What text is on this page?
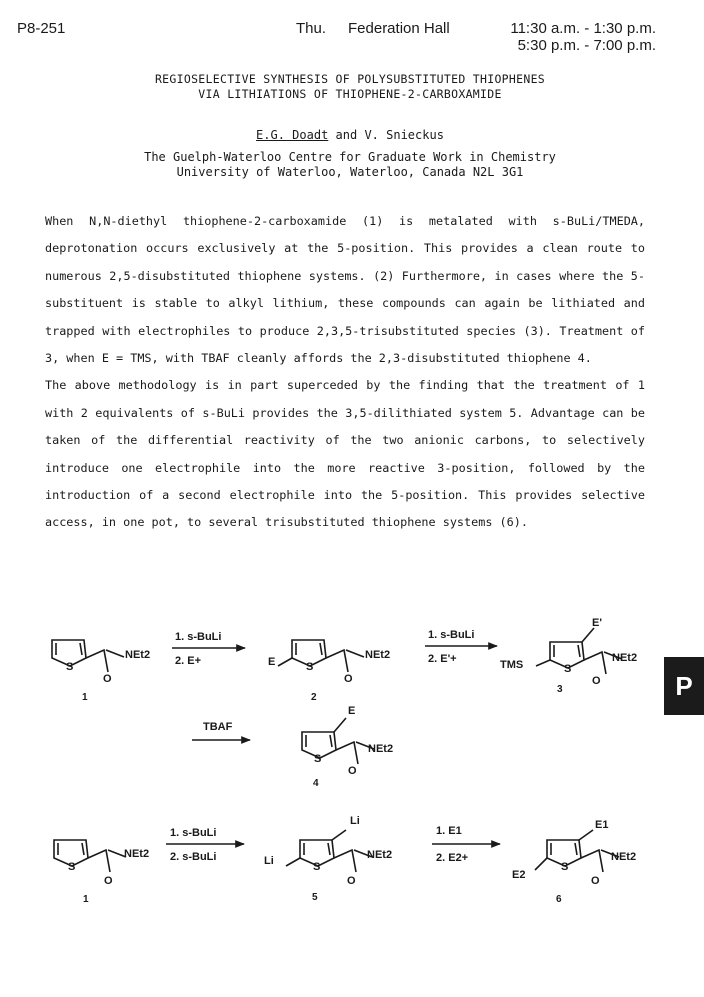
P8-251	Thu.	Federation Hall	11:30 a.m. - 1:30 p.m.
5:30 p.m. - 7:00 p.m.
REGIOSELECTIVE SYNTHESIS OF POLYSUBSTITUTED THIOPHENES
VIA LITHIATIONS OF THIOPHENE-2-CARBOXAMIDE
E.G. Doadt and V. Snieckus
The Guelph-Waterloo Centre for Graduate Work in Chemistry
University of Waterloo, Waterloo, Canada N2L 3G1

When N,N-diethyl thiophene-2-carboxamide (1) is metalated with s-BuLi/TMEDA, deprotonation occurs exclusively at the 5-position. This provides a clean route to numerous 2,5-disubstituted thiophene systems. (2) Furthermore, in cases where the 5-substituent is stable to alkyl lithium, these compounds can again be lithiated and trapped with electrophiles to produce 2,3,5-trisubstituted species (3). Treatment of 3, when E = TMS, with TBAF cleanly affords the 2,3-disubstituted thiophene 4.

The above methodology is in part superceded by the finding that the treatment of 1 with 2 equivalents of s-BuLi provides the 3,5-dilithiated system 5. Advantage can be taken of the differential reactivity of the two anionic carbons, to selectively introduce one electrophile into the more reactive 3-position, followed by the introduction of a second electrophile into the 5-position. This provides selective access, in one pot, to several trisubstituted thiophene systems (6).

S
NEt2
O
1
1. s-BuLi
2. E+	E	S
NEt2
O
2
1. s-BuLi
2. E'+
E'
TMS	S
NEt2
O
3
TBAF
E
S
NEt2
O
4
S
NEt2
O
1
1. s-BuLi
2. s-BuLi
Li
Li	S
NEt2
O
5
1. E1
2. E2+
E1
E2
S
NEt2
O
6
P
